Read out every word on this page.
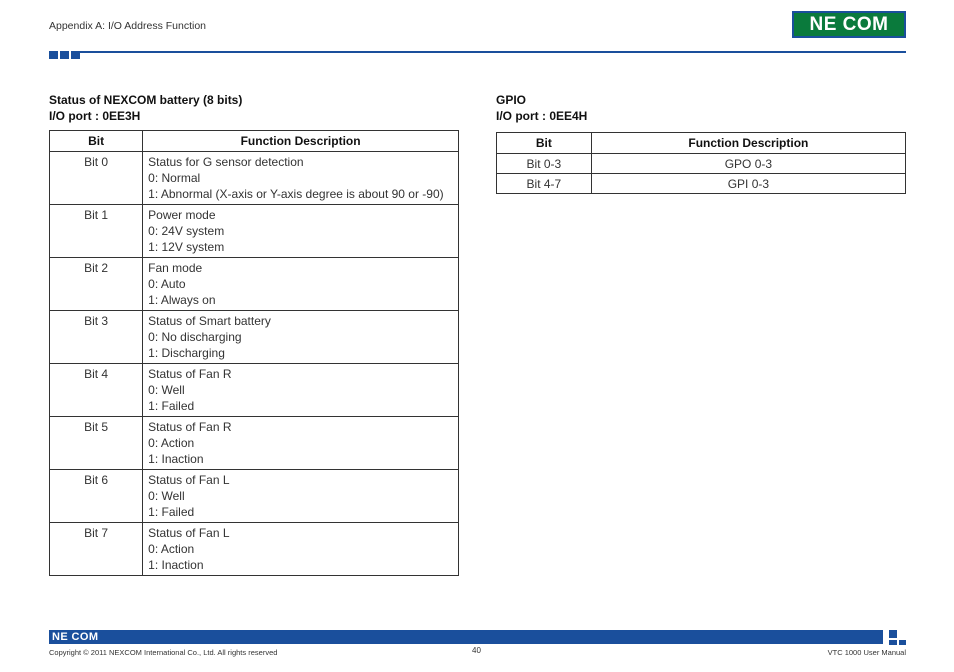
Appendix A: I/O Address Function	NE COM
Status of NEXCOM battery (8 bits)
I/O port : 0EE3H
Bit	Function Description
Bit 0	Status for G sensor detection
0: Normal
1: Abnormal (X-axis or Y-axis degree is about 90 or -90)

Bit 1	Power mode
0: 24V system
1: 12V system

Bit 2	Fan mode
0: Auto
1: Always on

Bit 3	Status of Smart battery
0: No discharging
1: Discharging

Bit 4	Status of Fan R
0: Well
1: Failed

Bit 5	Status of Fan R
0: Action
1: Inaction

Bit 6	Status of Fan L
0: Well
1: Failed

Bit 7	Status of Fan L
0: Action
1: Inaction
GPIO
I/O port : 0EE4H
Bit	Function Description
Bit 0-3	GPO 0-3
Bit 4-7	GPI 0-3
NE COM
Copyright © 2011 NEXCOM International Co., Ltd. All rights reserved	40	VTC 1000 User Manual
